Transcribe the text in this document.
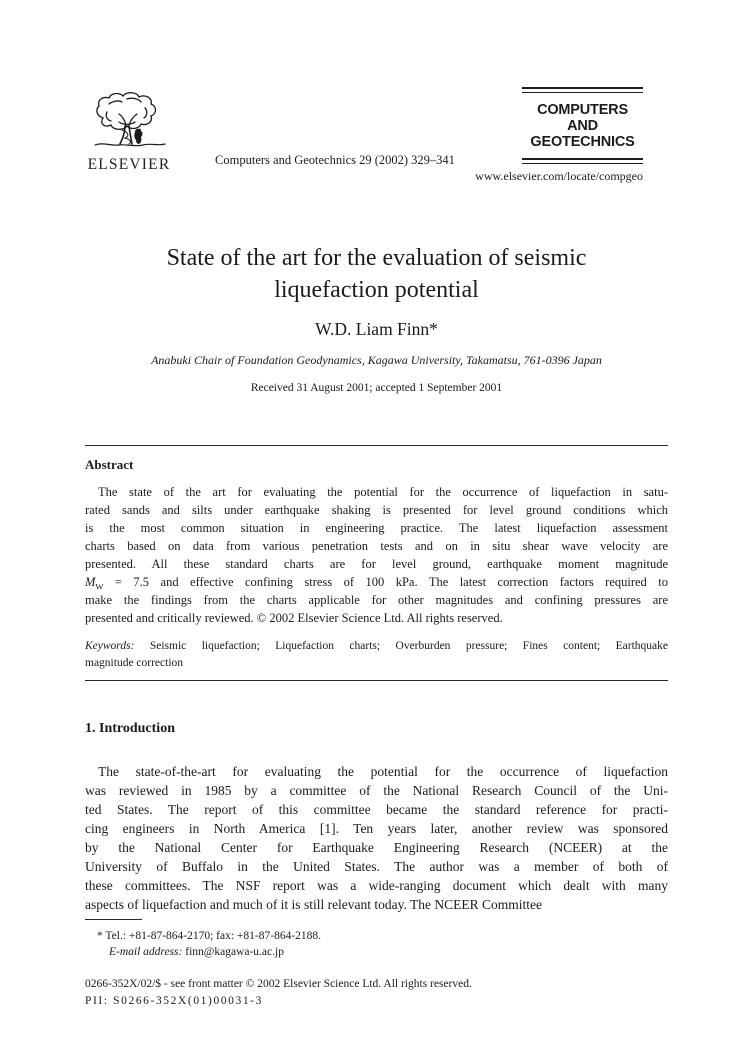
ELSEVIER	Computers and Geotechnics 29 (2002) 329–341
COMPUTERS
AND
GEOTECHNICS
www.elsevier.com/locate/compgeo
State of the art for the evaluation of seismic
liquefaction potential
W.D. Liam Finn*
Anabuki Chair of Foundation Geodynamics, Kagawa University, Takamatsu, 761-0396 Japan
Received 31 August 2001; accepted 1 September 2001
Abstract
The state of the art for evaluating the potential for the occurrence of liquefaction in satu-
rated sands and silts under earthquake shaking is presented for level ground conditions which
is the most common situation in engineering practice. The latest liquefaction assessment
charts based on data from various penetration tests and on in situ shear wave velocity are
presented. All these standard charts are for level ground, earthquake moment magnitude
$M_W = 7.5$ and effective confining stress of 100 kPa. The latest correction factors required to
make the findings from the charts applicable for other magnitudes and confining pressures are
presented and critically reviewed. © 2002 Elsevier Science Ltd. All rights reserved.
Keywords: Seismic liquefaction; Liquefaction charts; Overburden pressure; Fines content; Earthquake
magnitude correction
1. Introduction
The state-of-the-art for evaluating the potential for the occurrence of liquefaction
was reviewed in 1985 by a committee of the National Research Council of the Uni-
ted States. The report of this committee became the standard reference for practi-
cing engineers in North America [1]. Ten years later, another review was sponsored
by the National Center for Earthquake Engineering Research (NCEER) at the
University of Buffalo in the United States. The author was a member of both of
these committees. The NSF report was a wide-ranging document which dealt with many
aspects of liquefaction and much of it is still relevant today. The NCEER Committee
* Tel.: +81-87-864-2170; fax: +81-87-864-2188.
E-mail address: finn@kagawa-u.ac.jp
0266-352X/02/$ - see front matter © 2002 Elsevier Science Ltd. All rights reserved.
PII: S0266-352X(01)00031-3
